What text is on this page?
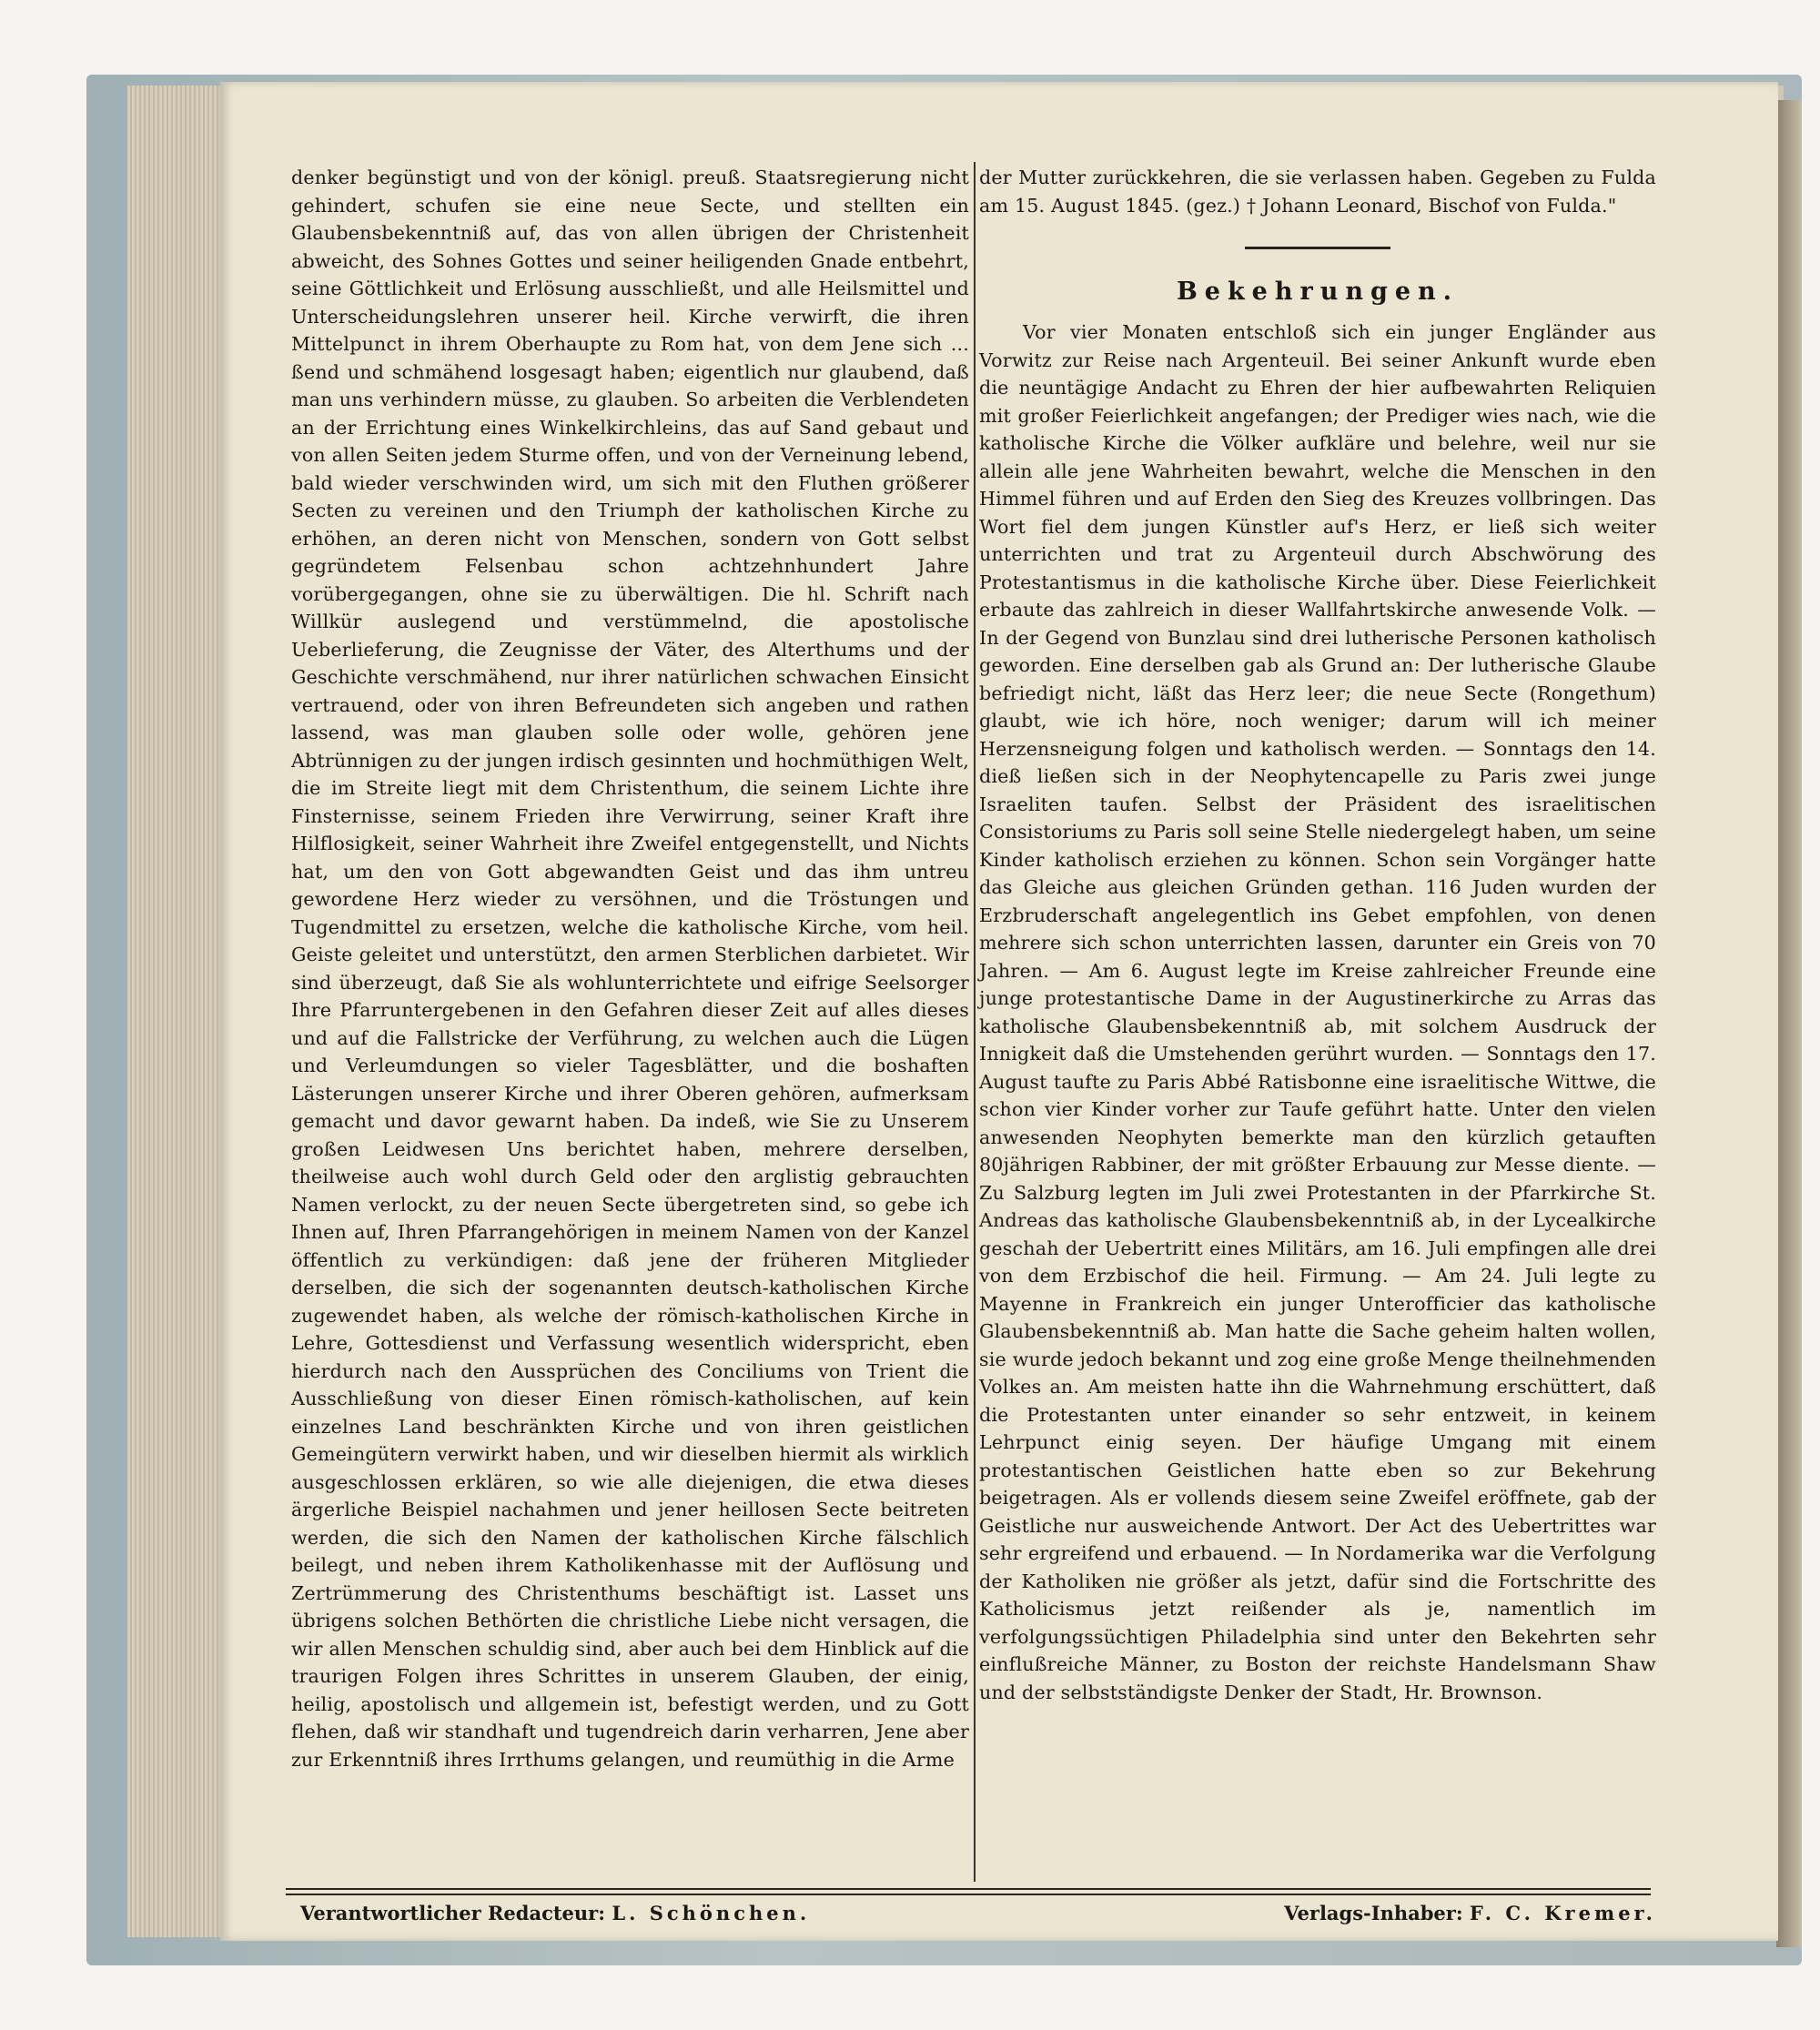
denker begünstigt und von der königl. preuß. Staatsregierung nicht gehindert, schufen sie eine neue Secte, und stellten ein Glaubensbekenntniß auf, das von allen übrigen der Christenheit abweicht, des Sohnes Gottes und seiner heiligenden Gnade entbehrt, seine Göttlichkeit und Erlösung ausschließt, und alle Heilsmittel und Unterscheidungslehren unserer heil. Kirche verwirft, die ihren Mittelpunct in ihrem Oberhaupte zu Rom hat, von dem Jene sich ... ßend und schmähend losgesagt haben; eigentlich nur glaubend, daß man uns verhindern müsse, zu glauben. So arbeiten die Verblendeten an der Errichtung eines Winkelkirchleins, das auf Sand gebaut und von allen Seiten jedem Sturme offen, und von der Verneinung lebend, bald wieder verschwinden wird, um sich mit den Fluthen größerer Secten zu vereinen und den Triumph der katholischen Kirche zu erhöhen, an deren nicht von Menschen, sondern von Gott selbst gegründetem Felsenbau schon achtzehnhundert Jahre vorübergegangen, ohne sie zu überwältigen. Die hl. Schrift nach Willkür auslegend und verstümmelnd, die apostolische Ueberlieferung, die Zeugnisse der Väter, des Alterthums und der Geschichte verschmähend, nur ihrer natürlichen schwachen Einsicht vertrauend, oder von ihren Befreundeten sich angeben und rathen lassend, was man glauben solle oder wolle, gehören jene Abtrünnigen zu der jungen irdisch gesinnten und hochmüthigen Welt, die im Streite liegt mit dem Christenthum, die seinem Lichte ihre Finsternisse, seinem Frieden ihre Verwirrung, seiner Kraft ihre Hilflosigkeit, seiner Wahrheit ihre Zweifel entgegenstellt, und Nichts hat, um den von Gott abgewandten Geist und das ihm untreu gewordene Herz wieder zu versöhnen, und die Tröstungen und Tugendmittel zu ersetzen, welche die katholische Kirche, vom heil. Geiste geleitet und unterstützt, den armen Sterblichen darbietet. Wir sind überzeugt, daß Sie als wohlunterrichtete und eifrige Seelsorger Ihre Pfarruntergebenen in den Gefahren dieser Zeit auf alles dieses und auf die Fallstricke der Verführung, zu welchen auch die Lügen und Verleumdungen so vieler Tagesblätter, und die boshaften Lästerungen unserer Kirche und ihrer Oberen gehören, aufmerksam gemacht und davor gewarnt haben. Da indeß, wie Sie zu Unserem großen Leidwesen Uns berichtet haben, mehrere derselben, theilweise auch wohl durch Geld oder den arglistig gebrauchten Namen verlockt, zu der neuen Secte übergetreten sind, so gebe ich Ihnen auf, Ihren Pfarrangehörigen in meinem Namen von der Kanzel öffentlich zu verkündigen: daß jene der früheren Mitglieder derselben, die sich der sogenannten deutsch-katholischen Kirche zugewendet haben, als welche der römisch-katholischen Kirche in Lehre, Gottesdienst und Verfassung wesentlich widerspricht, eben hierdurch nach den Aussprüchen des Conciliums von Trient die Ausschließung von dieser Einen römisch-katholischen, auf kein einzelnes Land beschränkten Kirche und von ihren geistlichen Gemeingütern verwirkt haben, und wir dieselben hiermit als wirklich ausgeschlossen erklären, so wie alle diejenigen, die etwa dieses ärgerliche Beispiel nachahmen und jener heillosen Secte beitreten werden, die sich den Namen der katholischen Kirche fälschlich beilegt, und neben ihrem Katholikenhasse mit der Auflösung und Zertrümmerung des Christenthums beschäftigt ist. Lasset uns übrigens solchen Bethörten die christliche Liebe nicht versagen, die wir allen Menschen schuldig sind, aber auch bei dem Hinblick auf die traurigen Folgen ihres Schrittes in unserem Glauben, der einig, heilig, apostolisch und allgemein ist, befestigt werden, und zu Gott flehen, daß wir standhaft und tugendreich darin verharren, Jene aber zur Erkenntniß ihres Irrthums gelangen, und reumüthig in die Arme

der Mutter zurückkehren, die sie verlassen haben. Gegeben zu Fulda am 15. August 1845. (gez.) † Johann Leonard, Bischof von Fulda."

Bekehrungen.

Vor vier Monaten entschloß sich ein junger Engländer aus Vorwitz zur Reise nach Argenteuil. Bei seiner Ankunft wurde eben die neuntägige Andacht zu Ehren der hier aufbewahrten Reliquien mit großer Feierlichkeit angefangen; der Prediger wies nach, wie die katholische Kirche die Völker aufkläre und belehre, weil nur sie allein alle jene Wahrheiten bewahrt, welche die Menschen in den Himmel führen und auf Erden den Sieg des Kreuzes vollbringen. Das Wort fiel dem jungen Künstler auf's Herz, er ließ sich weiter unterrichten und trat zu Argenteuil durch Abschwörung des Protestantismus in die katholische Kirche über. Diese Feierlichkeit erbaute das zahlreich in dieser Wallfahrtskirche anwesende Volk. — In der Gegend von Bunzlau sind drei lutherische Personen katholisch geworden. Eine derselben gab als Grund an: Der lutherische Glaube befriedigt nicht, läßt das Herz leer; die neue Secte (Rongethum) glaubt, wie ich höre, noch weniger; darum will ich meiner Herzensneigung folgen und katholisch werden. — Sonntags den 14. dieß ließen sich in der Neophytencapelle zu Paris zwei junge Israeliten taufen. Selbst der Präsident des israelitischen Consistoriums zu Paris soll seine Stelle niedergelegt haben, um seine Kinder katholisch erziehen zu können. Schon sein Vorgänger hatte das Gleiche aus gleichen Gründen gethan. 116 Juden wurden der Erzbruderschaft angelegentlich ins Gebet empfohlen, von denen mehrere sich schon unterrichten lassen, darunter ein Greis von 70 Jahren. — Am 6. August legte im Kreise zahlreicher Freunde eine junge protestantische Dame in der Augustinerkirche zu Arras das katholische Glaubensbekenntniß ab, mit solchem Ausdruck der Innigkeit daß die Umstehenden gerührt wurden. — Sonntags den 17. August taufte zu Paris Abbé Ratisbonne eine israelitische Wittwe, die schon vier Kinder vorher zur Taufe geführt hatte. Unter den vielen anwesenden Neophyten bemerkte man den kürzlich getauften 80jährigen Rabbiner, der mit größter Erbauung zur Messe diente. — Zu Salzburg legten im Juli zwei Protestanten in der Pfarrkirche St. Andreas das katholische Glaubensbekenntniß ab, in der Lycealkirche geschah der Uebertritt eines Militärs, am 16. Juli empfingen alle drei von dem Erzbischof die heil. Firmung. — Am 24. Juli legte zu Mayenne in Frankreich ein junger Unterofficier das katholische Glaubensbekenntniß ab. Man hatte die Sache geheim halten wollen, sie wurde jedoch bekannt und zog eine große Menge theilnehmenden Volkes an. Am meisten hatte ihn die Wahrnehmung erschüttert, daß die Protestanten unter einander so sehr entzweit, in keinem Lehrpunct einig seyen. Der häufige Umgang mit einem protestantischen Geistlichen hatte eben so zur Bekehrung beigetragen. Als er vollends diesem seine Zweifel eröffnete, gab der Geistliche nur ausweichende Antwort. Der Act des Uebertrittes war sehr ergreifend und erbauend. — In Nordamerika war die Verfolgung der Katholiken nie größer als jetzt, dafür sind die Fortschritte des Katholicismus jetzt reißender als je, namentlich im verfolgungssüchtigen Philadelphia sind unter den Bekehrten sehr einflußreiche Männer, zu Boston der reichste Handelsmann Shaw und der selbstständigste Denker der Stadt, Hr. Brownson.

Verantwortlicher Redacteur: L. Schönchen.	Verlags-Inhaber: F. C. Kremer.
